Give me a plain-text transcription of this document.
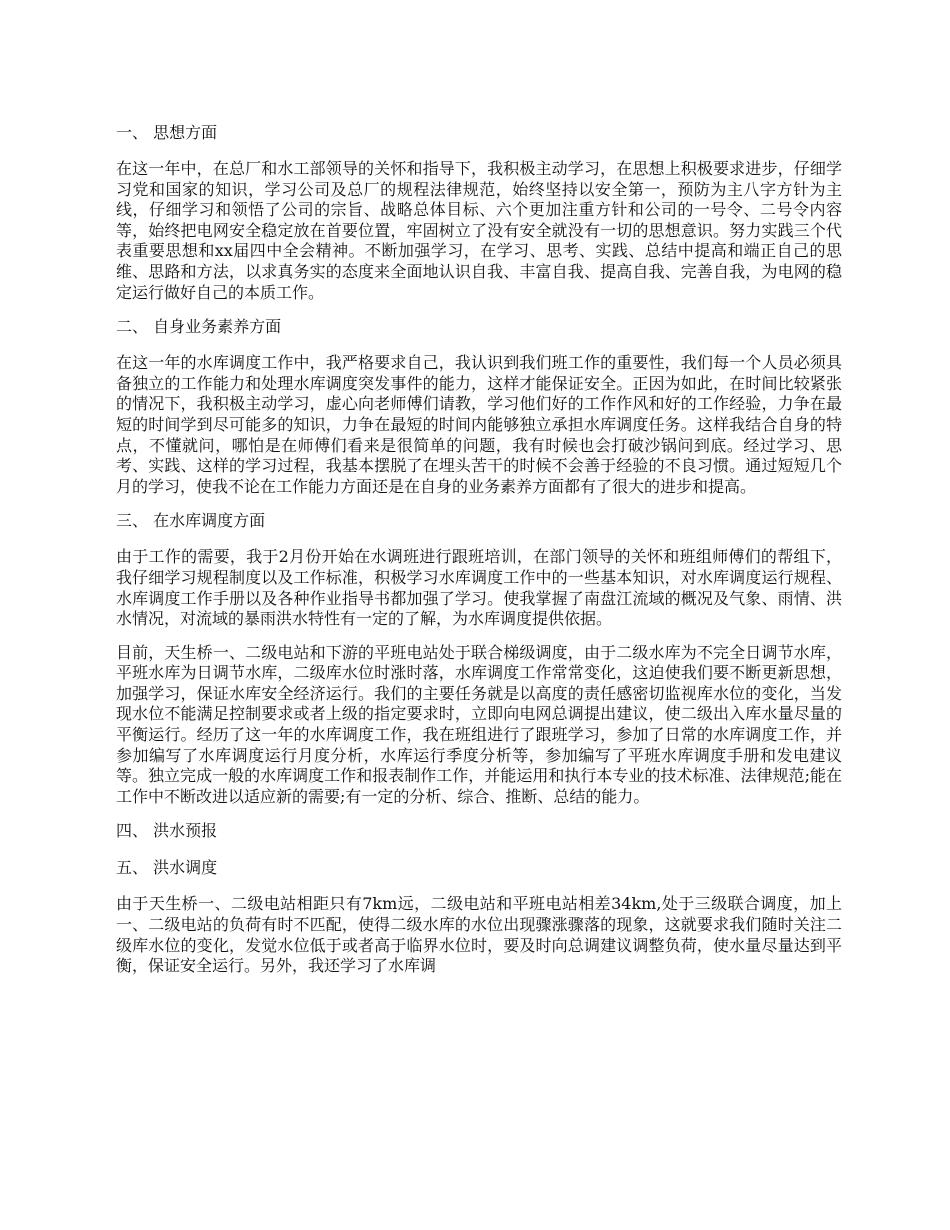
一、 思想方面
在这一年中，在总厂和水工部领导的关怀和指导下，我积极主动学习，在思想上积极要求进步，仔细学习党和国家的知识，学习公司及总厂的规程法律规范，始终坚持以安全第一，预防为主八字方针为主线，仔细学习和领悟了公司的宗旨、战略总体目标、六个更加注重方针和公司的一号令、二号令内容等，始终把电网安全稳定放在首要位置，牢固树立了没有安全就没有一切的思想意识。努力实践三个代表重要思想和xx届四中全会精神。不断加强学习，在学习、思考、实践、总结中提高和端正自己的思维、思路和方法，以求真务实的态度来全面地认识自我、丰富自我、提高自我、完善自我，为电网的稳定运行做好自己的本质工作。
二、 自身业务素养方面
在这一年的水库调度工作中，我严格要求自己，我认识到我们班工作的重要性，我们每一个人员必须具备独立的工作能力和处理水库调度突发事件的能力，这样才能保证安全。正因为如此，在时间比较紧张的情况下，我积极主动学习，虚心向老师傅们请教，学习他们好的工作作风和好的工作经验，力争在最短的时间学到尽可能多的知识，力争在最短的时间内能够独立承担水库调度任务。这样我结合自身的特点，不懂就问，哪怕是在师傅们看来是很简单的问题，我有时候也会打破沙锅问到底。经过学习、思考、实践、这样的学习过程，我基本摆脱了在埋头苦干的时候不会善于经验的不良习惯。通过短短几个月的学习，使我不论在工作能力方面还是在自身的业务素养方面都有了很大的进步和提高。
三、 在水库调度方面
由于工作的需要，我于2月份开始在水调班进行跟班培训，在部门领导的关怀和班组师傅们的帮组下，我仔细学习规程制度以及工作标准，积极学习水库调度工作中的一些基本知识，对水库调度运行规程、水库调度工作手册以及各种作业指导书都加强了学习。使我掌握了南盘江流域的概况及气象、雨情、洪水情况，对流域的暴雨洪水特性有一定的了解，为水库调度提供依据。
目前，天生桥一、二级电站和下游的平班电站处于联合梯级调度，由于二级水库为不完全日调节水库，平班水库为日调节水库，二级库水位时涨时落，水库调度工作常常变化，这迫使我们要不断更新思想，加强学习，保证水库安全经济运行。我们的主要任务就是以高度的责任感密切监视库水位的变化，当发现水位不能满足控制要求或者上级的指定要求时，立即向电网总调提出建议，使二级出入库水量尽量的平衡运行。经历了这一年的水库调度工作，我在班组进行了跟班学习，参加了日常的水库调度工作，并参加编写了水库调度运行月度分析，水库运行季度分析等，参加编写了平班水库调度手册和发电建议等。独立完成一般的水库调度工作和报表制作工作，并能运用和执行本专业的技术标准、法律规范;能在工作中不断改进以适应新的需要;有一定的分析、综合、推断、总结的能力。
四、 洪水预报
五、 洪水调度
由于天生桥一、二级电站相距只有7km远，二级电站和平班电站相差34km,处于三级联合调度，加上一、二级电站的负荷有时不匹配，使得二级水库的水位出现骤涨骤落的现象，这就要求我们随时关注二级库水位的变化，发觉水位低于或者高于临界水位时，要及时向总调建议调整负荷，使水量尽量达到平衡，保证安全运行。另外，我还学习了水库调
